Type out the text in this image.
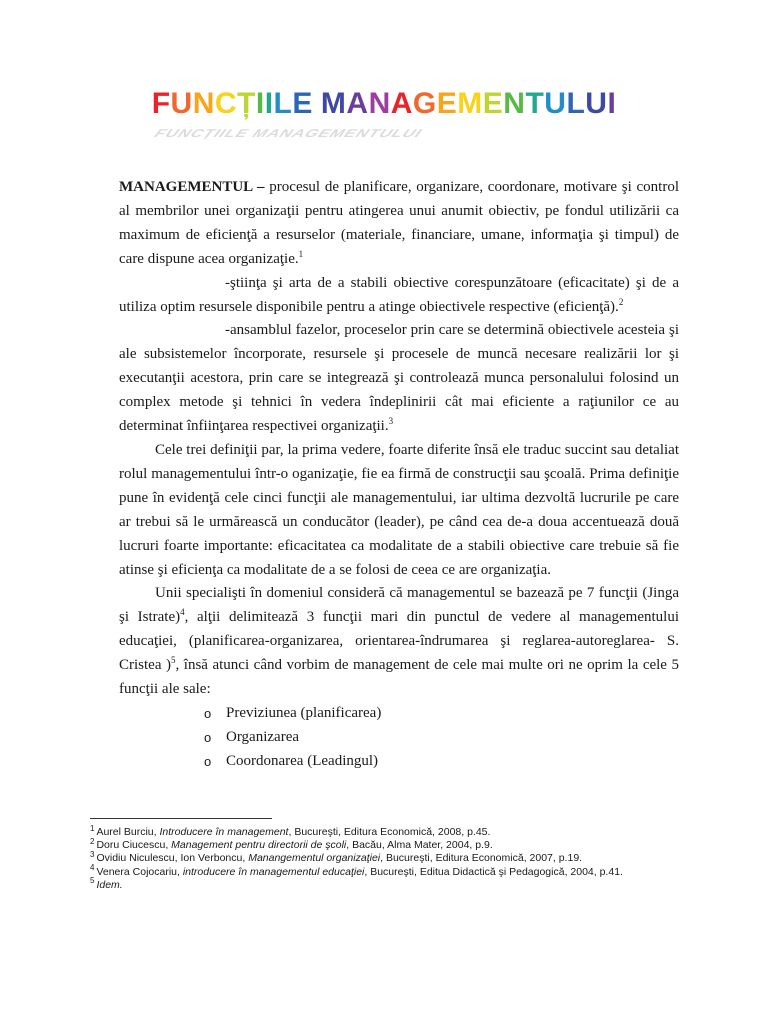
FUNCȚIILE MANAGEMENTULUI
FUNCȚIILE MANAGEMENTULUI

MANAGEMENTUL – procesul de planificare, organizare, coordonare, motivare şi control al membrilor unei organizaţii pentru atingerea unui anumit obiectiv, pe fondul utilizării ca maximum de eficienţă a resurselor (materiale, financiare, umane, informaţia şi timpul) de care dispune acea organizaţie.$^1$

-ştiinţa şi arta de a stabili obiective corespunzătoare (eficacitate) şi de a utiliza optim resursele disponibile pentru a atinge obiectivele respective (eficienţă).$^2$

-ansamblul fazelor, proceselor prin care se determină obiectivele acesteia şi ale subsistemelor încorporate, resursele şi procesele de muncă necesare realizării lor şi executanţii acestora, prin care se integrează şi controlează munca personalului folosind un complex metode şi tehnici în vedera îndeplinirii cât mai eficiente a raţiunilor ce au determinat înfiinţarea respectivei organizaţii.$^3$

Cele trei definiţii par, la prima vedere, foarte diferite însă ele traduc succint sau detaliat rolul managementului într-o oganizaţie, fie ea firmă de construcţii sau şcoală. Prima definiţie pune în evidenţă cele cinci funcţii ale managementului, iar ultima dezvoltă lucrurile pe care ar trebui să le urmărească un conducător (leader), pe când cea de-a doua accentuează două lucruri foarte importante: eficacitatea ca modalitate de a stabili obiective care trebuie să fie atinse şi eficienţa ca modalitate de a se folosi de ceea ce are organizaţia.

Unii specialişti în domeniul consideră că managementul se bazează pe 7 funcţii (Jinga şi Istrate)$^4$, alţii delimitează 3 funcţii mari din punctul de vedere al managementului educaţiei, (planificarea-organizarea, orientarea-îndrumarea şi reglarea-autoreglarea- S. Cristea )$^5$, însă atunci când vorbim de management de cele mai multe ori ne oprim la cele 5 funcţii ale sale:

o Previziunea (planificarea)
o Organizarea
o Coordonarea (Leadingul)
$^1$ Aurel Burciu, Introducere în management, Bucureşti, Editura Economică, 2008, p.45.
$^2$ Doru Ciucescu, Management pentru directorii de şcoli, Bacău, Alma Mater, 2004, p.9.
$^3$ Ovidiu Niculescu, Ion Verboncu, Manangementul organizaţiei, Bucureşti, Editura Economică, 2007, p.19.
$^4$ Venera Cojocariu, introducere în managementul educaţiei, Bucureşti, Editua Didactică şi Pedagogică, 2004, p.41.
$^5$ Idem.
